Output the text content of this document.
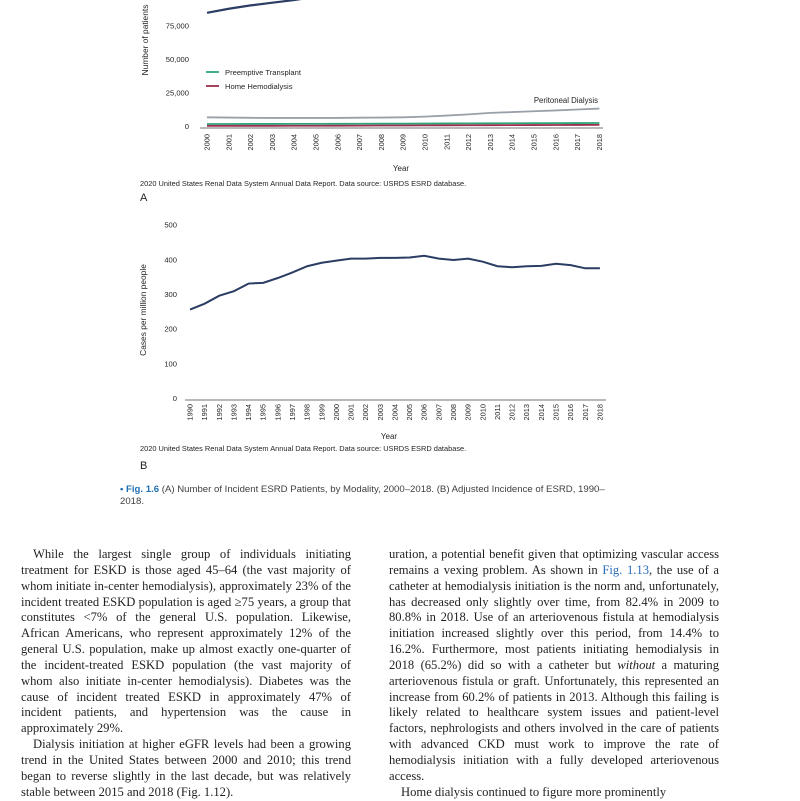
0
25,000
50,000
75,000
2000 2001 2002 2003 2004 2005 2006 2007 2008 2009 2010 2011 2012 2013 2014 2015 2016 2017 2018
Year
Number of patients	Preemptive Transplant
Home Hemodialysis
Peritoneal Dialysis
2020 United States Renal Data System Annual Data Report. Data source: USRDS ESRD database.
A
0
100
200
300
400
500
1990 1991 1992 1993 1994 1995 1996 1997 1998 1999 2000 2001 2002 2003 2004 2005 2006 2007 2008 2009 2010 2011 2012 2013 2014 2015 2016 2017 2018
Year
Cases per million people
2020 United States Renal Data System Annual Data Report. Data source: USRDS ESRD database.
B
• Fig. 1.6 (A) Number of Incident ESRD Patients, by Modality, 2000–2018. (B) Adjusted Incidence of ESRD, 1990–2018.

While the largest single group of individuals initiating treatment for ESKD is those aged 45–64 (the vast majority of whom initiate in-center hemodialysis), approximately 23% of the incident treated ESKD population is aged ≥75 years, a group that constitutes <7% of the general U.S. population. Likewise, African Americans, who represent approximately 12% of the general U.S. population, make up almost exactly one-quarter of the incident-treated ESKD population (the vast majority of whom also initiate in-center hemodialysis). Diabetes was the cause of incident treated ESKD in approximately 47% of incident patients, and hypertension was the cause in approximately 29%.

Dialysis initiation at higher eGFR levels had been a growing trend in the United States between 2000 and 2010; this trend began to reverse slightly in the last decade, but was relatively stable between 2015 and 2018 (Fig. 1.12).

uration, a potential benefit given that optimizing vascular access remains a vexing problem. As shown in Fig. 1.13, the use of a catheter at hemodialysis initiation is the norm and, unfortunately, has decreased only slightly over time, from 82.4% in 2009 to 80.8% in 2018. Use of an arteriovenous fistula at hemodialysis initiation increased slightly over this period, from 14.4% to 16.2%. Furthermore, most patients initiating hemodialysis in 2018 (65.2%) did so with a catheter but without a maturing arteriovenous fistula or graft. Unfortunately, this represented an increase from 60.2% of patients in 2013. Although this failing is likely related to healthcare system issues and patient-level factors, nephrologists and others involved in the care of patients with advanced CKD must work to improve the rate of hemodialysis initiation with a fully developed arteriovenous access.

Home dialysis continued to figure more prominently
